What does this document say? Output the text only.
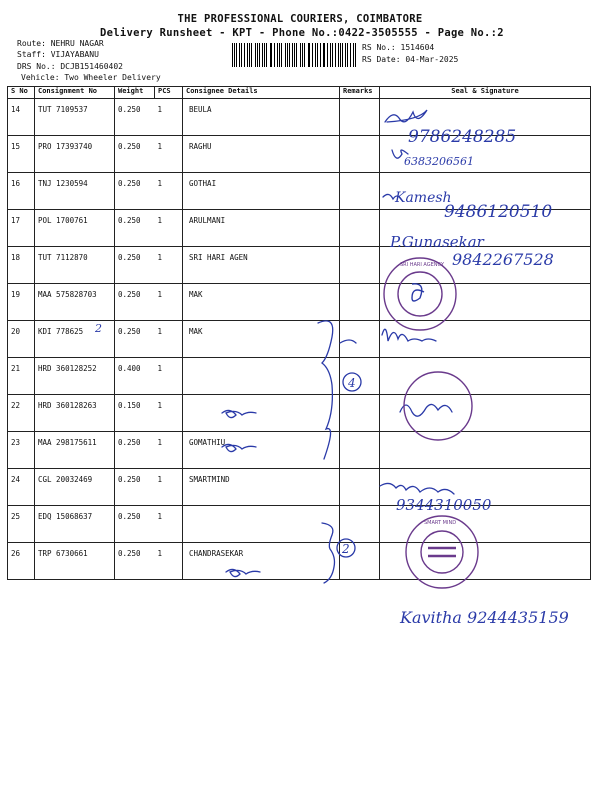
THE PROFESSIONAL COURIERS, COIMBATORE
Delivery Runsheet - KPT - Phone No.:0422-3505555 - Page No.:2
Route: NEHRU NAGAR
Staff: VIJAYABANU
DRS No.: DCJB151460402
Vehicle: Two Wheeler Delivery
RS No.: 1514604
RS Date: 04-Mar-2025
S No	Consignment No	Weight	PCS	Consignee Details	Remarks	Seal & Signature
14	TUT 7109537	0.250	1	BEULA		
15	PRO 17393740	0.250	1	RAGHU		
16	TNJ 1230594	0.250	1	GOTHAI		
17	POL 1700761	0.250	1	ARULMANI		
18	TUT 7112870	0.250	1	SRI HARI AGEN		
19	MAA 575828703	0.250	1	MAK		
20	KDI 778625	0.250	1	MAK		
21	HRD 360128252	0.400	1			
22	HRD 360128263	0.150	1			
23	MAA 298175611	0.250	1	GOMATHIU		
24	CGL 20032469	0.250	1	SMARTMIND		
25	EDQ 15068637	0.250	1			
26	TRP 6730661	0.250	1	CHANDRASEKAR		
9786248285
6383206561
Kamesh
9486120510
P.Gunasekar
9842267528
9344310050
Kavitha 9244435159
2
4
2
SRI HARI AGENCY
SMART MIND
